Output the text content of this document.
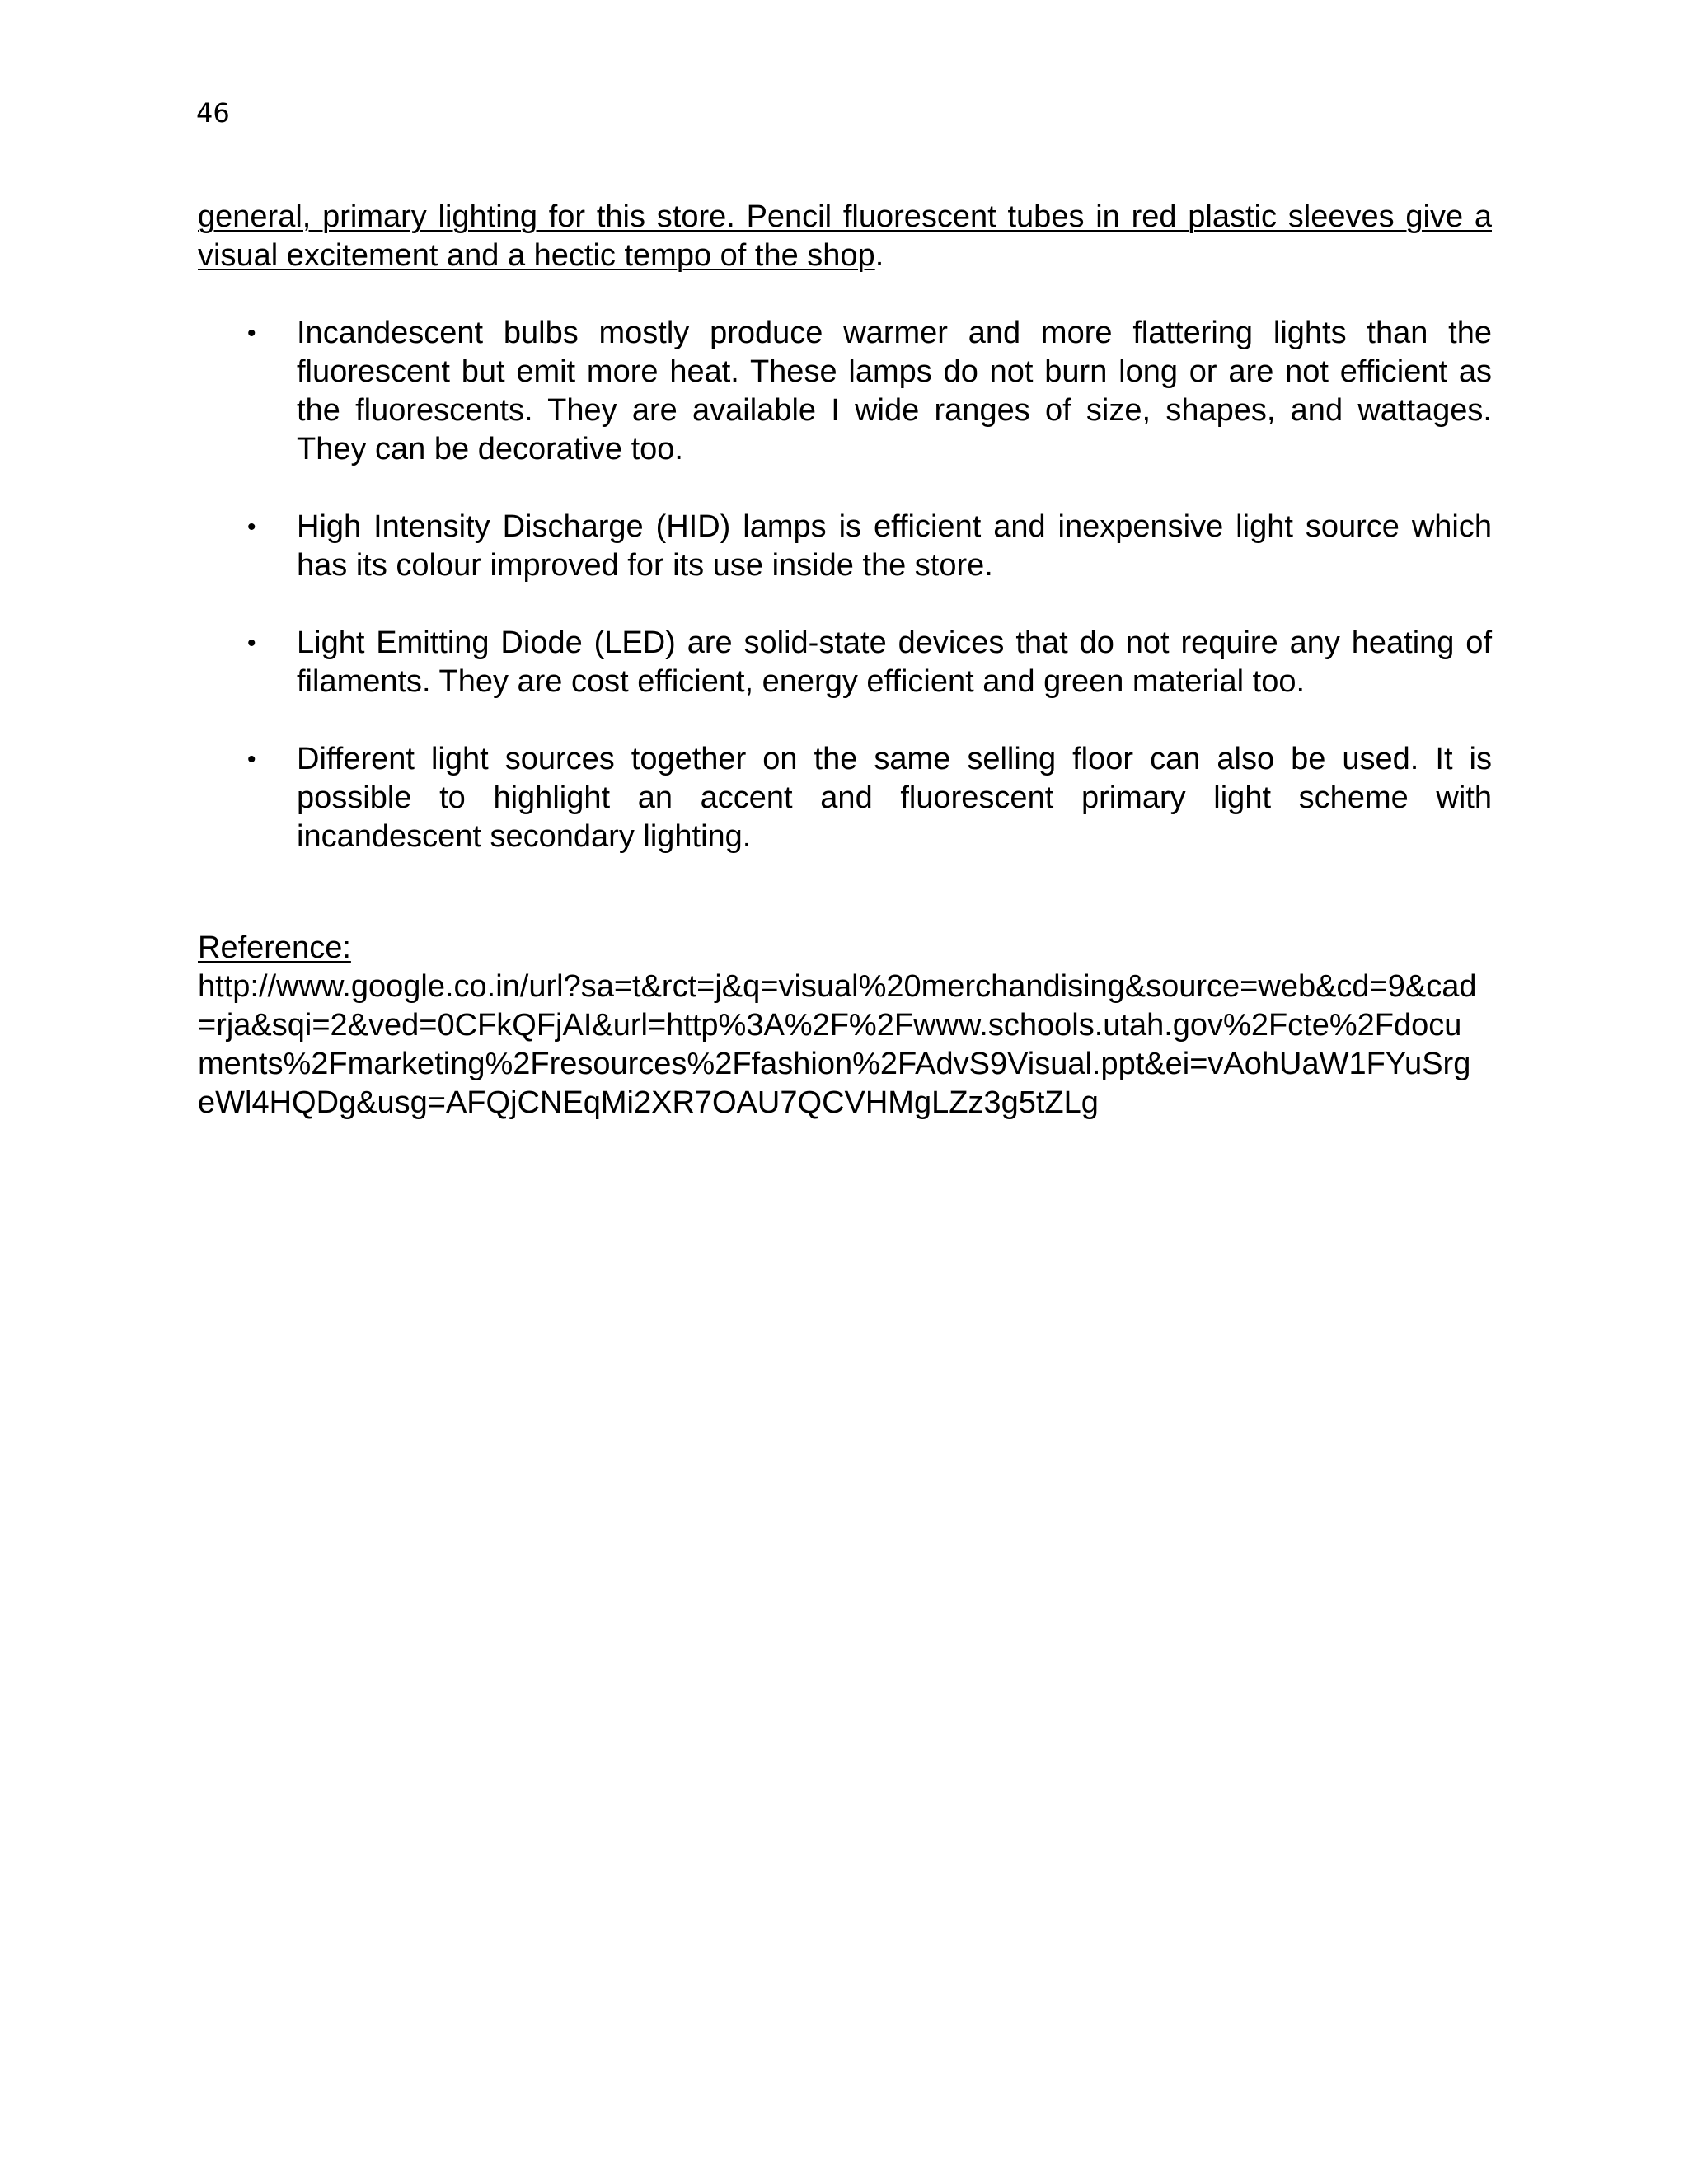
46

general, primary lighting for this store. Pencil fluorescent tubes in red plastic sleeves give a visual excitement and a hectic tempo of the shop.

• Incandescent bulbs mostly produce warmer and more flattering lights than the fluorescent but emit more heat. These lamps do not burn long or are not efficient as the fluorescents. They are available I wide ranges of size, shapes, and wattages. They can be decorative too.
• High Intensity Discharge (HID) lamps is efficient and inexpensive light source which has its colour improved for its use inside the store.
• Light Emitting Diode (LED) are solid-state devices that do not require any heating of filaments. They are cost efficient, energy efficient and green material too.
• Different light sources together on the same selling floor can also be used. It is possible to highlight an accent and fluorescent primary light scheme with incandescent secondary lighting.
Reference:
http://www.google.co.in/url?sa=t&rct=j&q=visual%20merchandising&source=web&cd=9&cad=rja&sqi=2&ved=0CFkQFjAI&url=http%3A%2F%2Fwww.schools.utah.gov%2Fcte%2Fdocuments%2Fmarketing%2Fresources%2Ffashion%2FAdvS9Visual.ppt&ei=vAohUaW1FYuSrgeWl4HQDg&usg=AFQjCNEqMi2XR7OAU7QCVHMgLZz3g5tZLg
